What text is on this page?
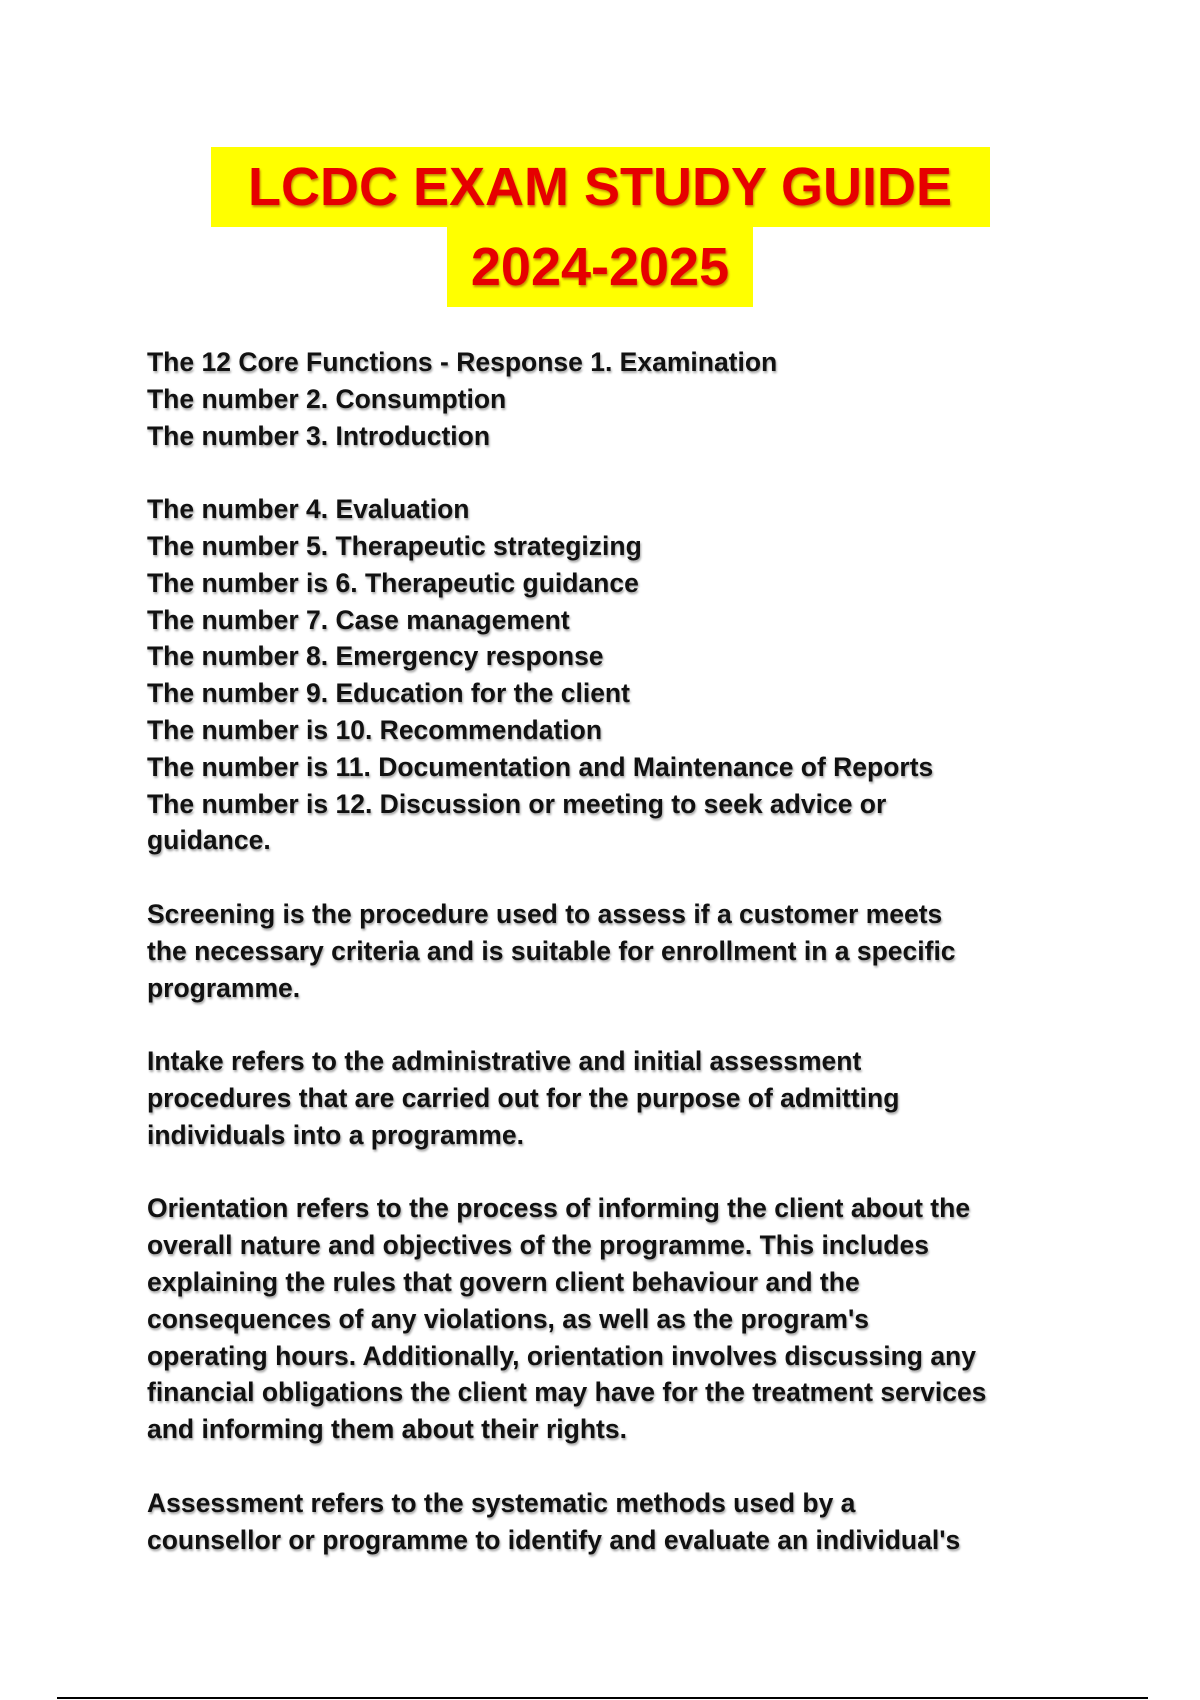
LCDC EXAM STUDY GUIDE
2024-2025
The 12 Core Functions - Response 1. Examination
The number 2. Consumption
The number 3. Introduction
The number 4. Evaluation
The number 5. Therapeutic strategizing
The number is 6. Therapeutic guidance
The number 7. Case management
The number 8. Emergency response
The number 9. Education for the client
The number is 10. Recommendation
The number is 11. Documentation and Maintenance of Reports
The number is 12. Discussion or meeting to seek advice or
guidance.
Screening is the procedure used to assess if a customer meets
the necessary criteria and is suitable for enrollment in a specific
programme.
Intake refers to the administrative and initial assessment
procedures that are carried out for the purpose of admitting
individuals into a programme.
Orientation refers to the process of informing the client about the
overall nature and objectives of the programme. This includes
explaining the rules that govern client behaviour and the
consequences of any violations, as well as the program's
operating hours. Additionally, orientation involves discussing any
financial obligations the client may have for the treatment services
and informing them about their rights.
Assessment refers to the systematic methods used by a
counsellor or programme to identify and evaluate an individual's
